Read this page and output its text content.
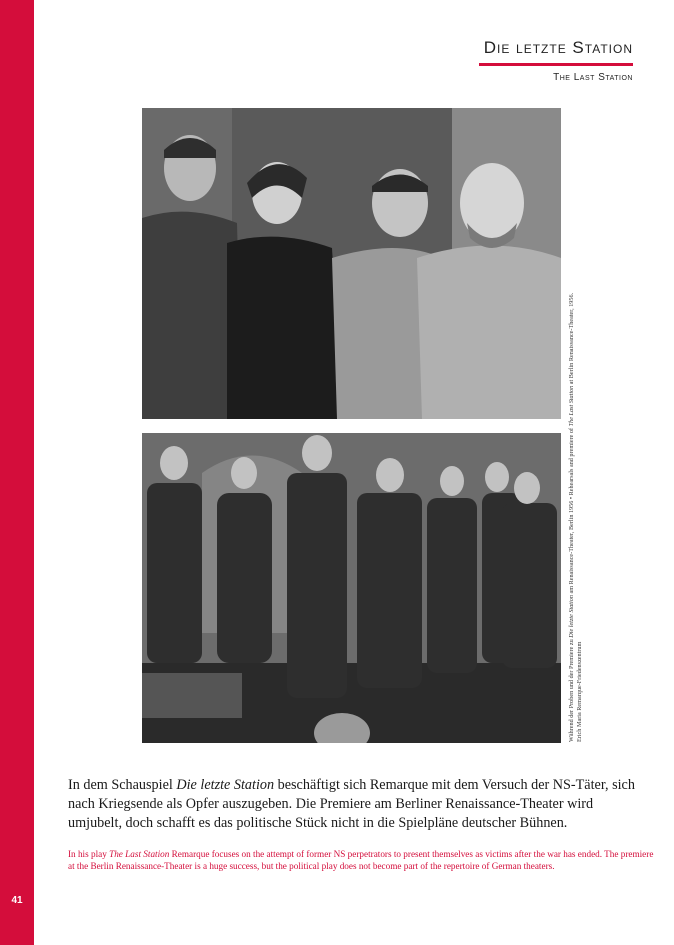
41
Die letzte Station
The Last Station
Während der Proben und der Premiere zu Die letzte Station am Renaissance-Theater, Berlin 1956 • Rehearsals and premiere of The Last Station at Berlin Renaissance-Theater, 1956.
Erich Maria Remarque-Friedenszentrum
In dem Schauspiel Die letzte Station beschäftigt sich Remarque mit dem Versuch der NS-Täter, sich nach Kriegsende als Opfer auszugeben. Die Premiere am Berliner Renaissance-Theater wird umjubelt, doch schafft es das politische Stück nicht in die Spielpläne deutscher Bühnen.
In his play The Last Station Remarque focuses on the attempt of former NS perpetrators to present themselves as victims after the war has ended. The premiere at the Berlin Renaissance-Theater is a huge success, but the political play does not become part of the repertoire of German theaters.
